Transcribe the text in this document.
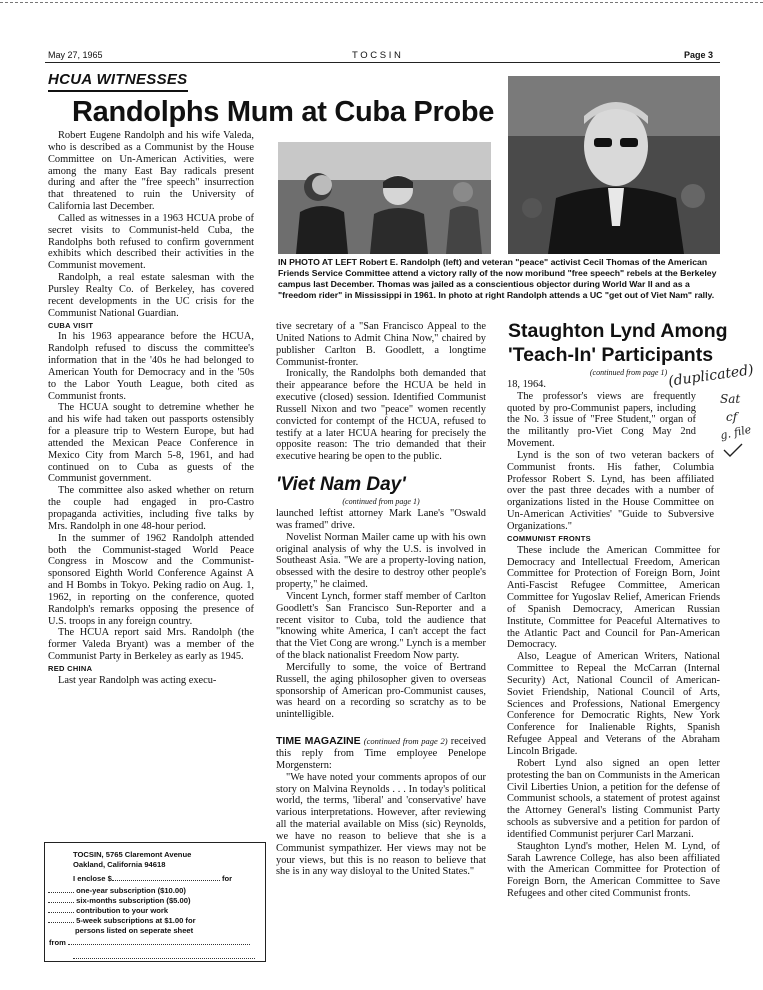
May 27, 1965	T O C S I N	Page 3
HCUA WITNESSES
Randolphs Mum at Cuba Probe
IN PHOTO AT LEFT Robert E. Randolph (left) and veteran "peace" activist Cecil Thomas of the American Friends Service Committee attend a victory rally of the now moribund "free speech" rebels at the Berkeley campus last December. Thomas was jailed as a conscientious objector during World War II and as a "freedom rider" in Mississippi in 1961. In photo at right Randolph attends a UC "get out of Viet Nam" rally.

Robert Eugene Randolph and his wife Valeda, who is described as a Communist by the House Committee on Un-American Activities, were among the many East Bay radicals present during and after the "free speech" insurrection that threatened to ruin the University of California last December.

Called as witnesses in a 1963 HCUA probe of secret visits to Communist-held Cuba, the Randolphs both refused to confirm government exhibits which described their activities in the Communist movement.

Randolph, a real estate salesman with the Pursley Realty Co. of Berkeley, has covered recent developments in the UC crisis for the Communist National Guardian.

CUBA VISIT

In his 1963 appearance before the HCUA, Randolph refused to discuss the committee's information that in the '40s he had belonged to American Youth for Democracy and in the '50s to the Labor Youth League, both cited as Communist fronts.

The HCUA sought to detremine whether he and his wife had taken out passports ostensibly for a pleasure trip to Western Europe, but had attended the Mexican Peace Conference in Mexico City from March 5-8, 1961, and had continued on to Cuba as guests of the Communist government.

The committee also asked whether on return the couple had engaged in pro-Castro propaganda activities, including five talks by Mrs. Randolph in one 48-hour period.

In the summer of 1962 Randolph attended both the Communist-staged World Peace Congress in Moscow and the Communist-sponsored Eighth World Conference Against A and H Bombs in Tokyo. Peking radio on Aug. 1, 1962, in reporting on the conference, quoted Randolph's remarks opposing the presence of U.S. troops in any foreign country.

The HCUA report said Mrs. Randolph (the former Valeda Bryant) was a member of the Communist Party in Berkeley as early as 1945.

RED CHINA

Last year Randolph was acting execu-

tive secretary of a "San Francisco Appeal to the United Nations to Admit China Now," chaired by publisher Carlton B. Goodlett, a longtime Communist-fronter.

Ironically, the Randolphs both demanded that their appearance before the HCUA be held in executive (closed) session. Identified Communist Russell Nixon and two "peace" women recently convicted for contempt of the HCUA, refused to testify at a later HCUA hearing for precisely the opposite reason: The trio demanded that their executive hearing be open to the public.

'Viet Nam Day'
(continued from page 1)

launched leftist attorney Mark Lane's "Oswald was framed" drive.

Novelist Norman Mailer came up with his own original analysis of why the U.S. is involved in Southeast Asia. "We are a property-loving nation, obsessed with the desire to destroy other people's property," he claimed.

Vincent Lynch, former staff member of Carlton Goodlett's San Francisco Sun-Reporter and a recent visitor to Cuba, told the audience that "knowing white America, I can't accept the fact that the Viet Cong are wrong." Lynch is a member of the black nationalist Freedom Now party.

Mercifully to some, the voice of Bertrand Russell, the aging philosopher given to overseas sponsorship of American pro-Communist causes, was heard on a recording so scratchy as to be unintelligible.

TIME MAGAZINE (continued from page 2) received this reply from Time employee Penelope Morgenstern:

"We have noted your comments apropos of our story on Malvina Reynolds . . . In today's political world, the terms, 'liberal' and 'conservative' have various interpretations. However, after reviewing all the material available on Miss (sic) Reynolds, we have no reason to believe that she is a Communist sympathizer. Her views may not be your views, but this is no reason to believe that she is in any way disloyal to the United States."

Staughton Lynd Among
'Teach-In' Participants
(continued from page 1)

18, 1964.

The professor's views are frequently quoted by pro-Communist papers, including the No. 3 issue of "Free Student," organ of the militantly pro-Viet Cong May 2nd Movement.

Lynd is the son of two veteran backers of Communist fronts. His father, Columbia Professor Robert S. Lynd, has been affiliated over the past three decades with a number of organizations listed in the House Committee on Un-American Activities' "Guide to Subversive Organizations."

COMMUNIST FRONTS

These include the American Committee for Democracy and Intellectual Freedom, American Committee for Protection of Foreign Born, Joint Anti-Fascist Refugee Committee, American Committee for Yugoslav Relief, American Friends of Spanish Democracy, American Russian Institute, Committee for Peaceful Alternatives to the Atlantic Pact and Council for Pan-American Democracy.

Also, League of American Writers, National Committee to Repeal the McCarran (Internal Security) Act, National Council of American-Soviet Friendship, National Council of Arts, Sciences and Professions, National Emergency Conference for Democratic Rights, New York Conference for Inalienable Rights, Spanish Refugee Appeal and Veterans of the Abraham Lincoln Brigade.

Robert Lynd also signed an open letter protesting the ban on Communists in the American Civil Liberties Union, a petition for the defense of Communist schools, a statement of protest against the Attorney General's listing Communist Party schools as subversive and a petition for pardon of identified Communist perjurer Carl Marzani.

Staughton Lynd's mother, Helen M. Lynd, of Sarah Lawrence College, has also been affiliated with the American Committee for Protection of Foreign Born, the American Committee to Save Refugees and other cited Communist fronts.

(duplicated)
Sat
cf
g. file
TOCSIN, 5765 Claremont Avenue
Oakland, California 94618
I enclose $	for
one-year subscription ($10.00)
six-months subscription ($5.00)
contribution to your work
5-week subscriptions at $1.00 for
persons listed on seperate sheet
from
